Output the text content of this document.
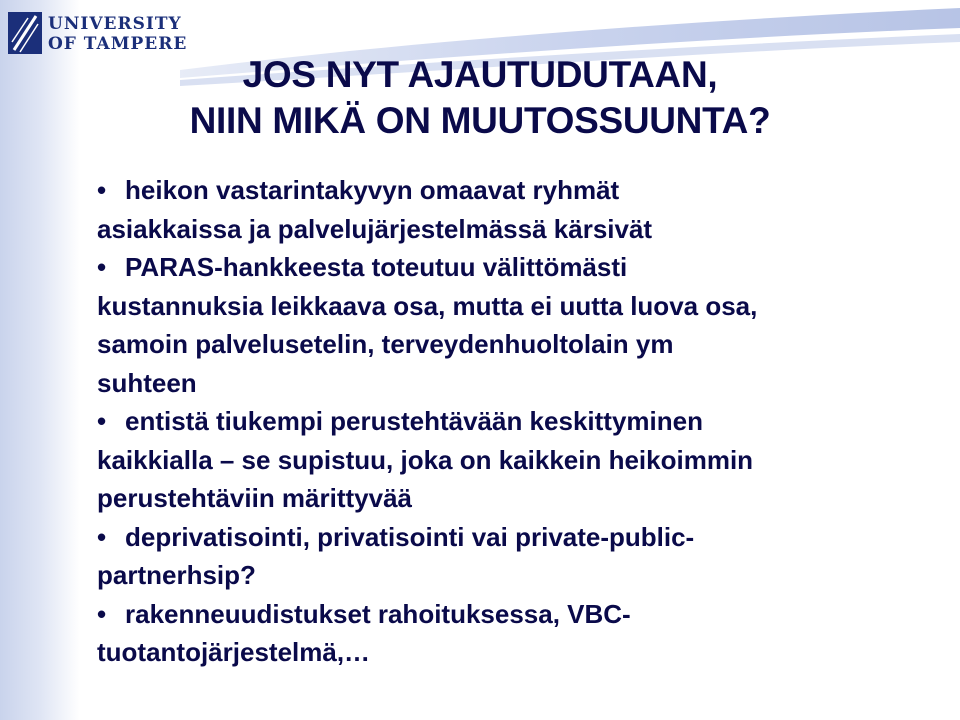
UNIVERSITY
OF TAMPERE
JOS NYT AJAUTUDUTAAN,
NIIN MIKÄ ON MUUTOSSUUNTA?
• heikon vastarintakyvyn omaavat ryhmät
asiakkaissa ja palvelujärjestelmässä kärsivät
• PARAS-hankkeesta toteutuu välittömästi
kustannuksia leikkaava osa, mutta ei uutta luova osa,
samoin palvelusetelin, terveydenhuoltolain ym
suhteen
• entistä tiukempi perustehtävään keskittyminen
kaikkialla – se supistuu, joka on kaikkein heikoimmin
perustehtäviin märittyvää
• deprivatisointi, privatisointi vai private-public-
partnerhsip?
• rakenneuudistukset rahoituksessa, VBC-
tuotantojärjestelmä,…
